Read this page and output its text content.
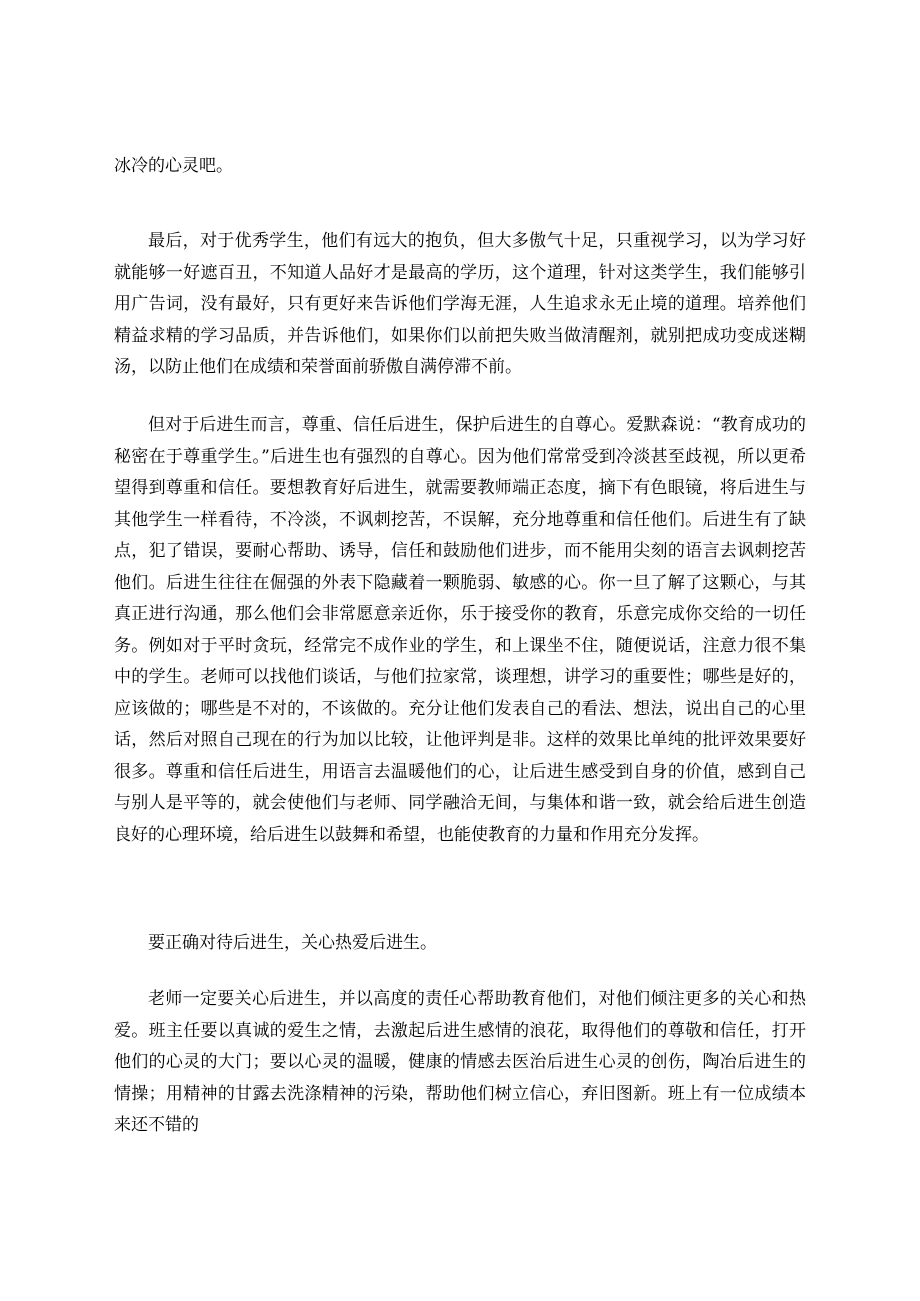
冰冷的心灵吧。

最后，对于优秀学生，他们有远大的抱负，但大多傲气十足，只重视学习，以为学习好就能够一好遮百丑，不知道人品好才是最高的学历，这个道理，针对这类学生，我们能够引用广告词，没有最好，只有更好来告诉他们学海无涯，人生追求永无止境的道理。培养他们精益求精的学习品质，并告诉他们，如果你们以前把失败当做清醒剂，就别把成功变成迷糊汤，以防止他们在成绩和荣誉面前骄傲自满停滞不前。

但对于后进生而言，尊重、信任后进生，保护后进生的自尊心。爱默森说：“教育成功的秘密在于尊重学生。”后进生也有强烈的自尊心。因为他们常常受到冷淡甚至歧视，所以更希望得到尊重和信任。要想教育好后进生，就需要教师端正态度，摘下有色眼镜，将后进生与其他学生一样看待，不冷淡，不讽刺挖苦，不误解，充分地尊重和信任他们。后进生有了缺点，犯了错误，要耐心帮助、诱导，信任和鼓励他们进步，而不能用尖刻的语言去讽刺挖苦他们。后进生往往在倔强的外表下隐藏着一颗脆弱、敏感的心。你一旦了解了这颗心，与其真正进行沟通，那么他们会非常愿意亲近你，乐于接受你的教育，乐意完成你交给的一切任务。例如对于平时贪玩，经常完不成作业的学生，和上课坐不住，随便说话，注意力很不集中的学生。老师可以找他们谈话，与他们拉家常，谈理想，讲学习的重要性；哪些是好的，应该做的；哪些是不对的，不该做的。充分让他们发表自己的看法、想法，说出自己的心里话，然后对照自己现在的行为加以比较，让他评判是非。这样的效果比单纯的批评效果要好很多。尊重和信任后进生，用语言去温暖他们的心，让后进生感受到自身的价值，感到自己与别人是平等的，就会使他们与老师、同学融洽无间，与集体和谐一致，就会给后进生创造良好的心理环境，给后进生以鼓舞和希望，也能使教育的力量和作用充分发挥。

要正确对待后进生，关心热爱后进生。

老师一定要关心后进生，并以高度的责任心帮助教育他们，对他们倾注更多的关心和热爱。班主任要以真诚的爱生之情，去激起后进生感情的浪花，取得他们的尊敬和信任，打开他们的心灵的大门；要以心灵的温暖，健康的情感去医治后进生心灵的创伤，陶冶后进生的情操；用精神的甘露去洗涤精神的污染，帮助他们树立信心，弃旧图新。班上有一位成绩本来还不错的
